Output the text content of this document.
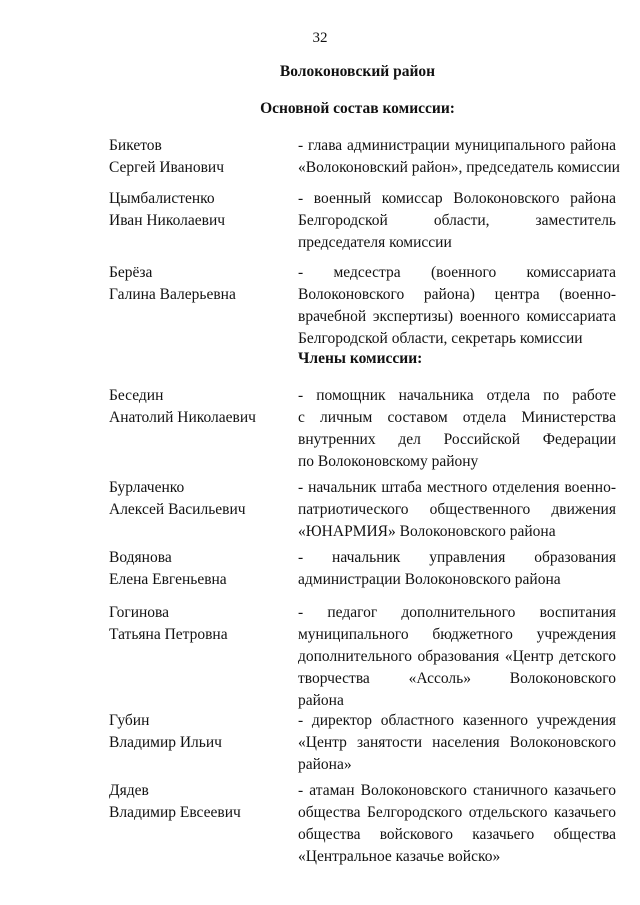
32
Волоконовский район
Основной состав комиссии:
Бикетов
Сергей Иванович
- глава администрации муниципального района
«Волоконовский район», председатель комиссии
Цымбалистенко
Иван Николаевич
- военный комиссар Волоконовского района
Белгородской области, заместитель
председателя комиссии
Берёза
Галина Валерьевна
- медсестра (военного комиссариата
Волоконовского района) центра (военно-
врачебной экспертизы) военного комиссариата
Белгородской области, секретарь комиссии
Члены комиссии:
Беседин
Анатолий Николаевич
- помощник начальника отдела по работе
с личным составом отдела Министерства
внутренних дел Российской Федерации
по Волоконовскому району
Бурлаченко
Алексей Васильевич
- начальник штаба местного отделения военно-
патриотического общественного движения
«ЮНАРМИЯ» Волоконовского района
Водянова
Елена Евгеньевна
- начальник управления образования
администрации Волоконовского района
Гогинова
Татьяна Петровна
- педагог дополнительного воспитания
муниципального бюджетного учреждения
дополнительного образования «Центр детского
творчества «Ассоль» Волоконовского
района
Губин
Владимир Ильич
- директор областного казенного учреждения
«Центр занятости населения Волоконовского
района»
Дядев
Владимир Евсеевич
- атаман Волоконовского станичного казачьего
общества Белгородского отдельского казачьего
общества войскового казачьего общества
«Центральное казачье войско»
